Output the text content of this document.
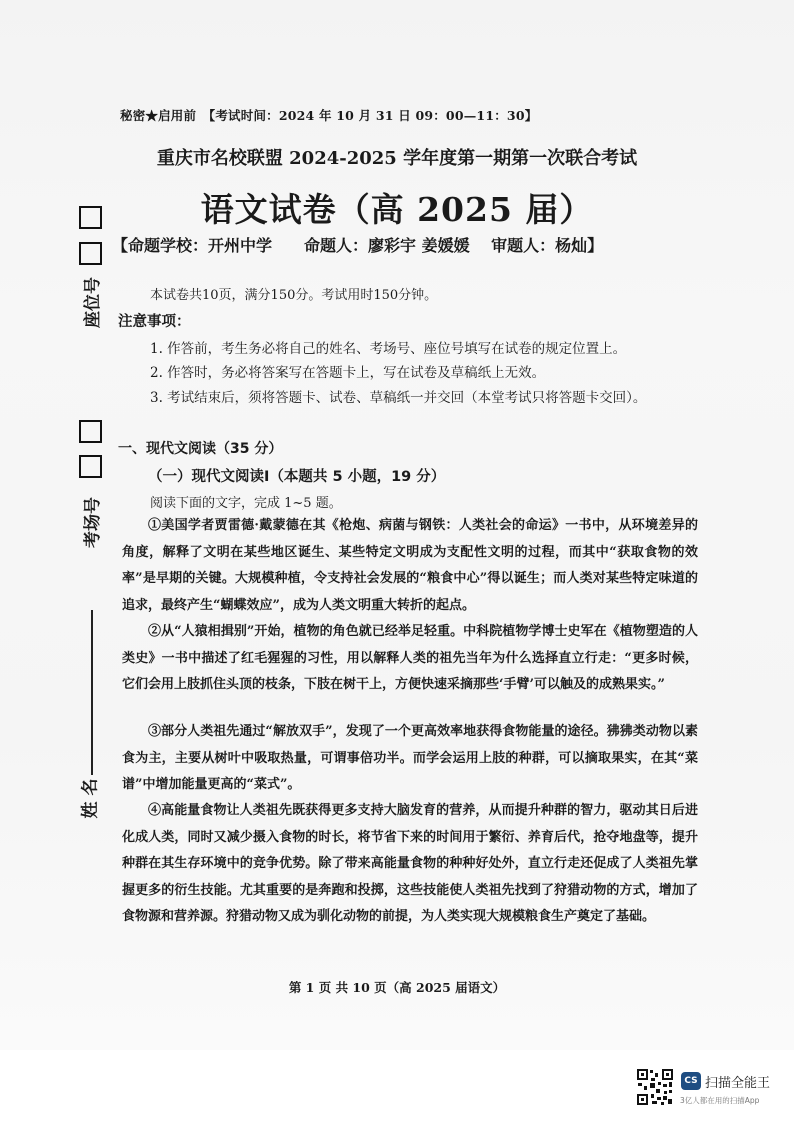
座位号
考场号
姓 名
秘密★启用前　【考试时间：2024 年 10 月 31 日 09：00—11：30】
重庆市名校联盟 2024-2025 学年度第一期第一次联合考试
语文试卷（高 2025 届）
【命题学校：开州中学　　命题人：廖彩宇 姜媛媛　 审题人：杨灿】
本试卷共10页，满分150分。考试用时150分钟。
注意事项：
1. 作答前，考生务必将自己的姓名、考场号、座位号填写在试卷的规定位置上。
2. 作答时，务必将答案写在答题卡上，写在试卷及草稿纸上无效。
3. 考试结束后，须将答题卡、试卷、草稿纸一并交回（本堂考试只将答题卡交回）。
一、现代文阅读（35 分）
（一）现代文阅读Ⅰ（本题共 5 小题，19 分）
阅读下面的文字，完成 1~5 题。
①美国学者贾雷德·戴蒙德在其《枪炮、病菌与钢铁：人类社会的命运》一书中，从环境差异的角度，解释了文明在某些地区诞生、某些特定文明成为支配性文明的过程，而其中“获取食物的效率”是早期的关键。大规模种植，令支持社会发展的“粮食中心”得以诞生；而人类对某些特定味道的追求，最终产生“蝴蝶效应”，成为人类文明重大转折的起点。
②从“人猿相揖别”开始，植物的角色就已经举足轻重。中科院植物学博士史军在《植物塑造的人类史》一书中描述了红毛猩猩的习性，用以解释人类的祖先当年为什么选择直立行走：“更多时候，它们会用上肢抓住头顶的枝条，下肢在树干上，方便快速采摘那些‘手臂’可以触及的成熟果实。”
③部分人类祖先通过“解放双手”，发现了一个更高效率地获得食物能量的途径。狒狒类动物以素食为主，主要从树叶中吸取热量，可谓事倍功半。而学会运用上肢的种群，可以摘取果实，在其“菜谱”中增加能量更高的“菜式”。
④高能量食物让人类祖先既获得更多支持大脑发育的营养，从而提升种群的智力，驱动其日后进化成人类，同时又减少摄入食物的时长，将节省下来的时间用于繁衍、养育后代，抢夺地盘等，提升种群在其生存环境中的竞争优势。除了带来高能量食物的种种好处外，直立行走还促成了人类祖先掌握更多的衍生技能。尤其重要的是奔跑和投掷，这些技能使人类祖先找到了狩猎动物的方式，增加了食物源和营养源。狩猎动物又成为驯化动物的前提，为人类实现大规模粮食生产奠定了基础。
第 1 页 共 10 页（高 2025 届语文）
CS 扫描全能王
3亿人都在用的扫描App
